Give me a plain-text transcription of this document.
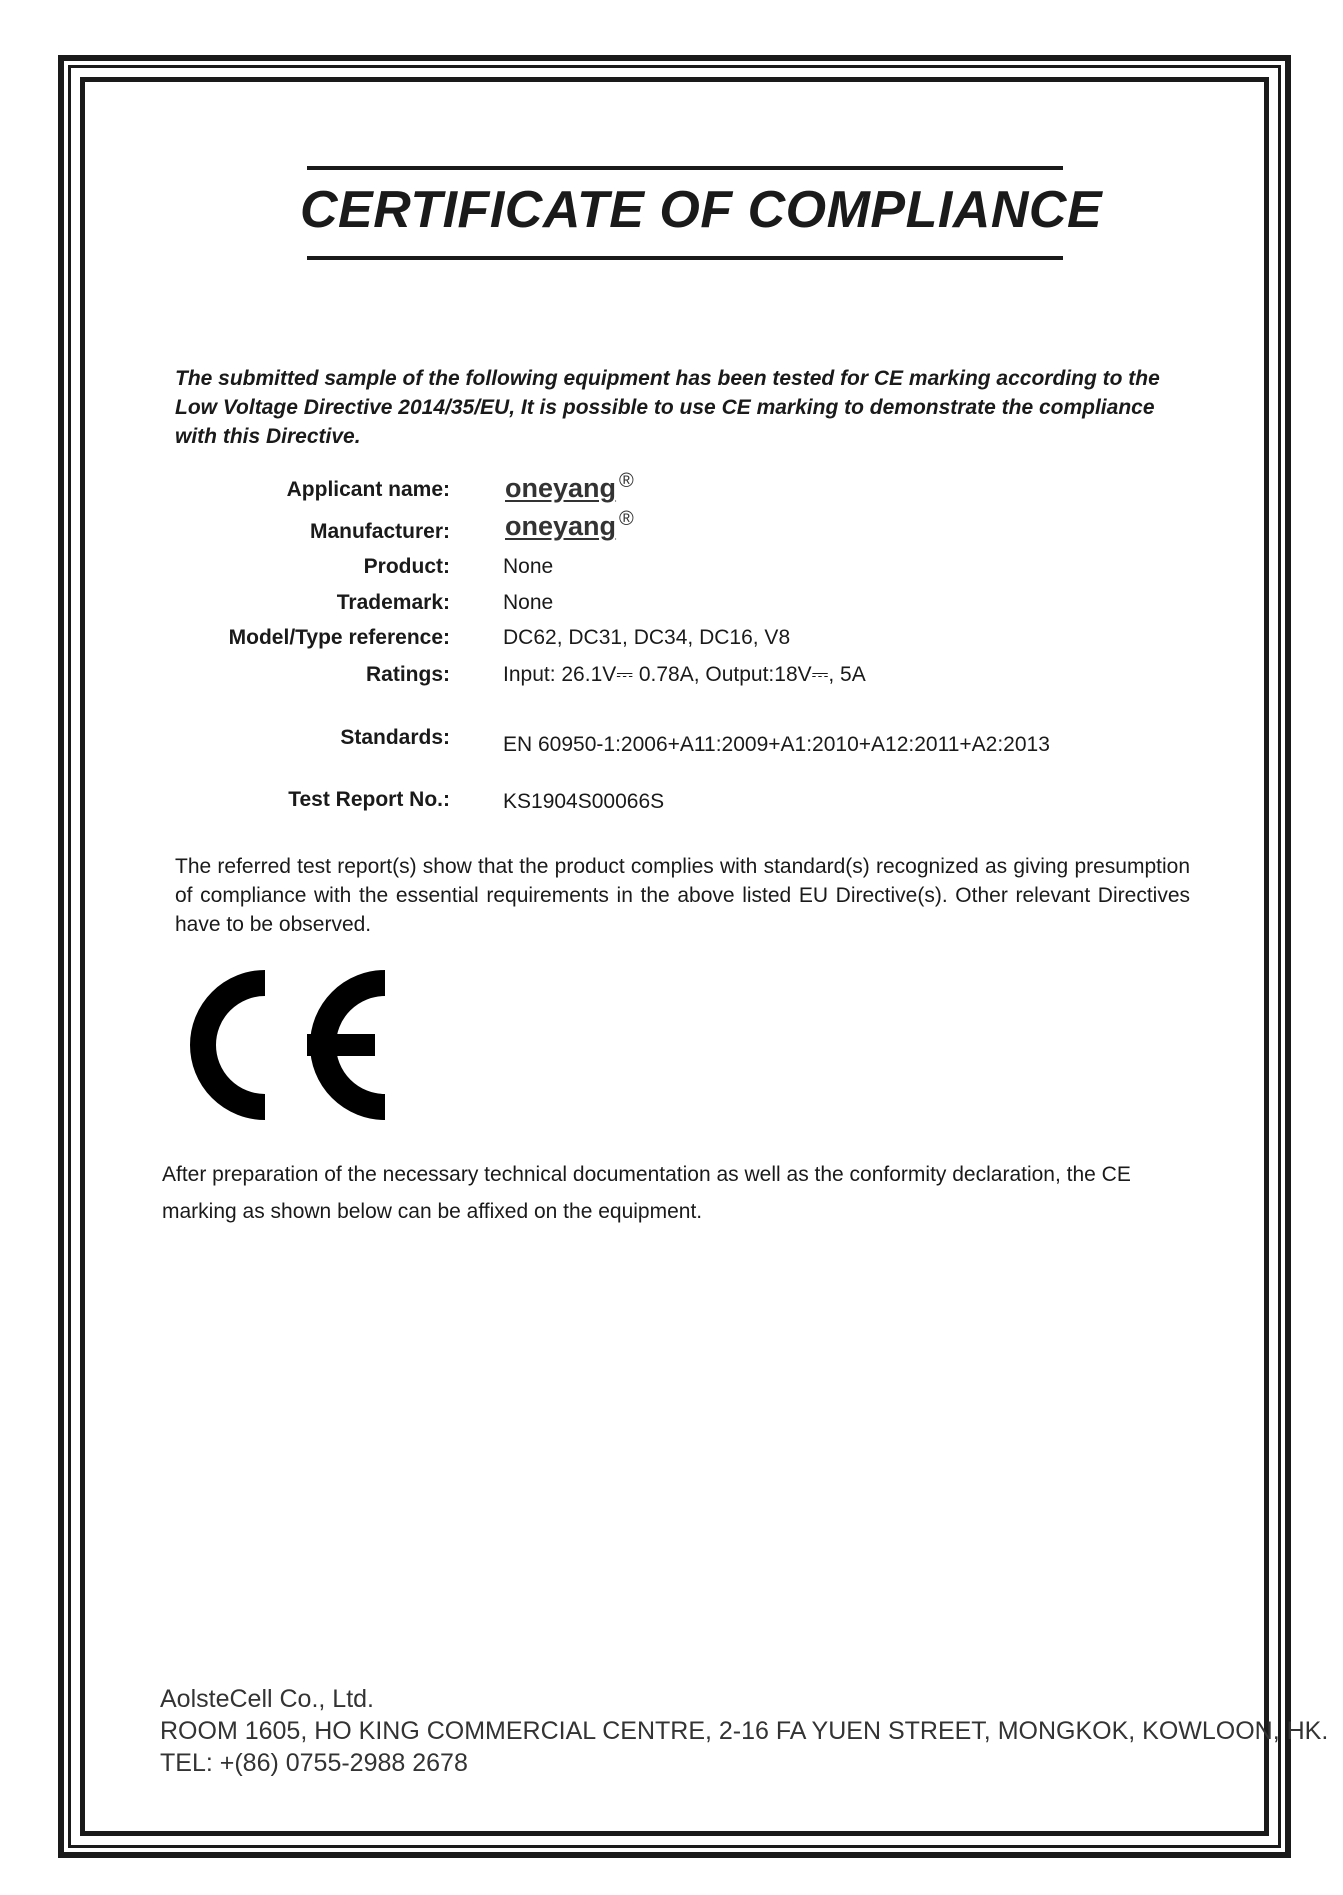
CERTIFICATE OF COMPLIANCE
The submitted sample of the following equipment has been tested for CE marking according to the Low Voltage Directive 2014/35/EU, It is possible to use CE marking to demonstrate the compliance with this Directive.
Applicant name: oneyang ®
Manufacturer: oneyang ®
Product:	None
Trademark:	None
Model/Type reference:	DC62, DC31, DC34, DC16, V8
Ratings:	Input: 26.1V⎓ 0.78A, Output:18V⎓, 5A
Standards:	EN 60950-1:2006+A11:2009+A1:2010+A12:2011+A2:2013
Test Report No.:	KS1904S00066S
The referred test report(s) show that the product complies with standard(s) recognized as giving presumption of compliance with the essential requirements in the above listed EU Directive(s). Other relevant Directives have to be observed.
After preparation of the necessary technical documentation as well as the conformity declaration, the CE marking as shown below can be affixed on the equipment.
AolsteCell Co., Ltd.
ROOM 1605, HO KING COMMERCIAL CENTRE, 2-16 FA YUEN STREET, MONGKOK, KOWLOON, HK.
TEL: +(86) 0755-2988 2678
